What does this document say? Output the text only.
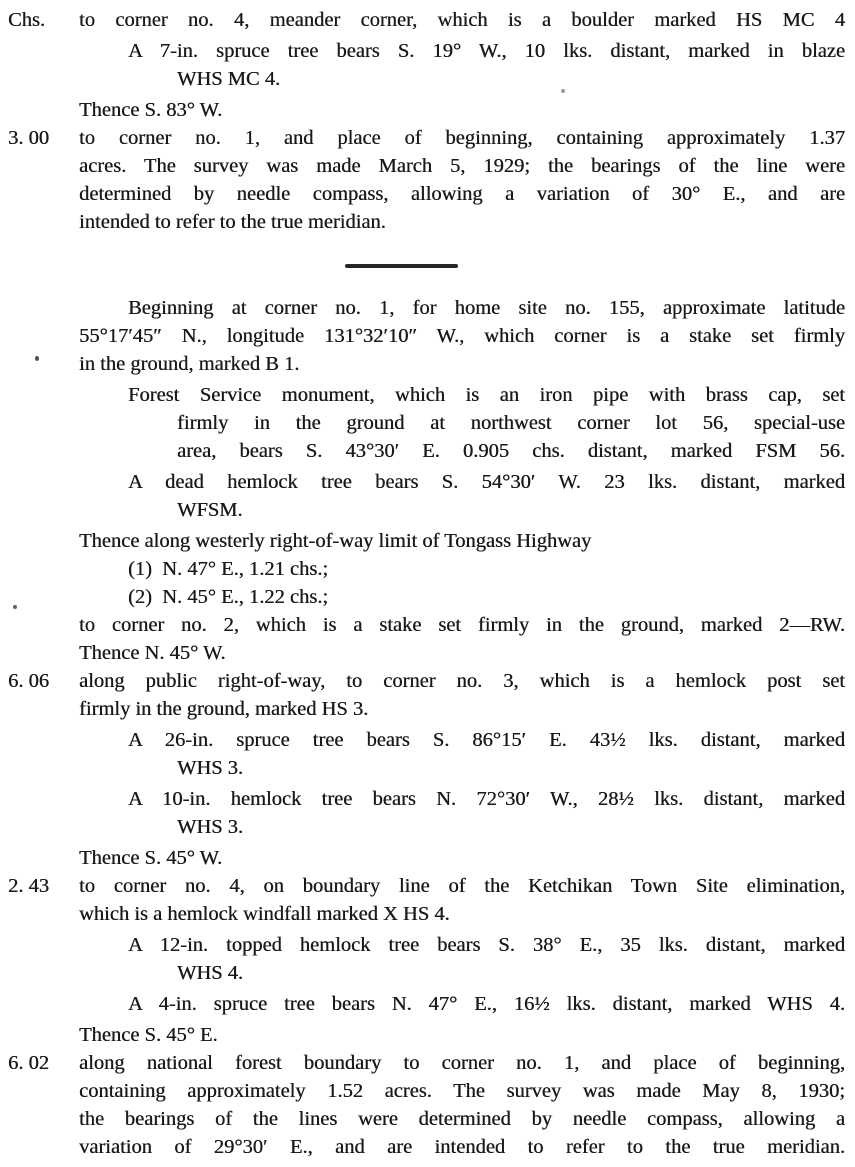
Chs.	to corner no. 4, meander corner, which is a boulder marked HS MC 4
A 7-in. spruce tree bears S. 19° W., 10 lks. distant, marked in blaze
WHS MC 4.
Thence S. 83° W.
3. 00	to corner no. 1, and place of beginning, containing approximately 1.37
acres. The survey was made March 5, 1929; the bearings of the line were
determined by needle compass, allowing a variation of 30° E., and are
intended to refer to the true meridian.
Beginning at corner no. 1, for home site no. 155, approximate latitude
55°17′45″ N., longitude 131°32′10″ W., which corner is a stake set firmly
in the ground, marked B 1.
Forest Service monument, which is an iron pipe with brass cap, set
firmly in the ground at northwest corner lot 56, special-use
area, bears S. 43°30′ E. 0.905 chs. distant, marked FSM 56.
A dead hemlock tree bears S. 54°30′ W. 23 lks. distant, marked
WFSM.
Thence along westerly right-of-way limit of Tongass Highway
(1) N. 47° E., 1.21 chs.;
(2) N. 45° E., 1.22 chs.;
to corner no. 2, which is a stake set firmly in the ground, marked 2—RW.
Thence N. 45° W.
6. 06	along public right-of-way, to corner no. 3, which is a hemlock post set
firmly in the ground, marked HS 3.
A 26-in. spruce tree bears S. 86°15′ E. 43½ lks. distant, marked
WHS 3.
A 10-in. hemlock tree bears N. 72°30′ W., 28½ lks. distant, marked
WHS 3.
Thence S. 45° W.
2. 43	to corner no. 4, on boundary line of the Ketchikan Town Site elimination,
which is a hemlock windfall marked X HS 4.
A 12-in. topped hemlock tree bears S. 38° E., 35 lks. distant, marked
WHS 4.
A 4-in. spruce tree bears N. 47° E., 16½ lks. distant, marked WHS 4.
Thence S. 45° E.
6. 02	along national forest boundary to corner no. 1, and place of beginning,
containing approximately 1.52 acres. The survey was made May 8, 1930;
the bearings of the lines were determined by needle compass, allowing a
variation of 29°30′ E., and are intended to refer to the true meridian.
